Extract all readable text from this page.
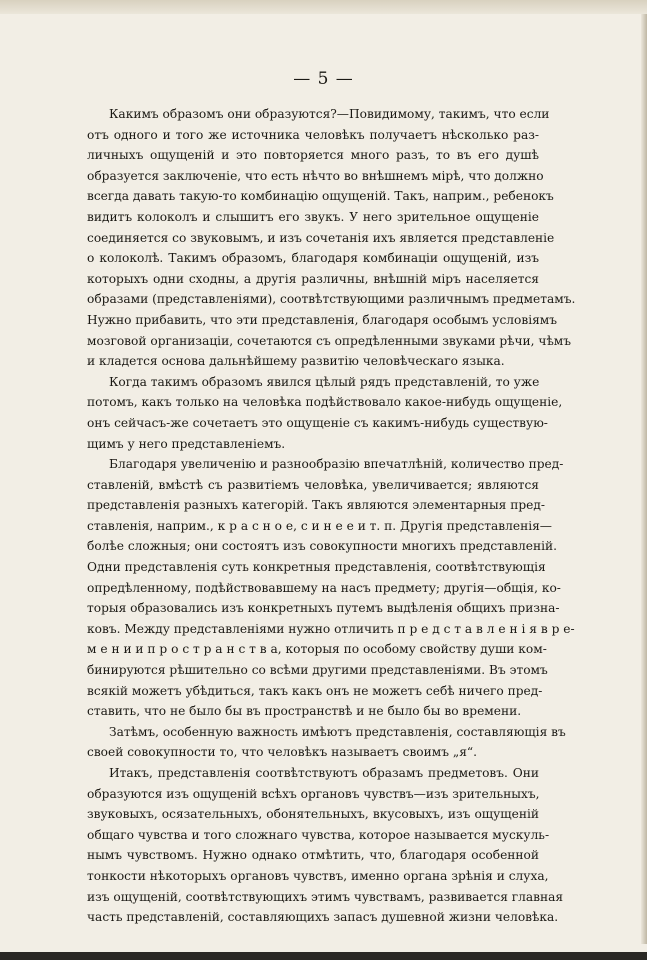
— 5 —
Какимъ образомъ они образуются?—Повидимому, такимъ, что если
отъ одного и того же источника человѣкъ получаетъ нѣсколько раз-
личныхъ ощущеній и это повторяется много разъ, то въ его душѣ
образуется заключеніе, что есть нѣчто во внѣшнемъ мірѣ, что должно
всегда давать такую-то комбинацію ощущеній. Такъ, наприм., ребенокъ
видитъ колоколъ и слышитъ его звукъ. У него зрительное ощущеніе
соединяется со звуковымъ, и изъ сочетанія ихъ является представленіе
о колоколѣ. Такимъ образомъ, благодаря комбинаціи ощущеній, изъ
которыхъ одни сходны, а другія различны, внѣшній міръ населяется
образами (представленіями), соотвѣтствующими различнымъ предметамъ.
Нужно прибавить, что эти представленія, благодаря особымъ условіямъ
мозговой организаціи, сочетаются съ опредѣленными звуками рѣчи, чѣмъ
и кладется основа дальнѣйшему развитію человѣческаго языка.
Когда такимъ образомъ явился цѣлый рядъ представленій, то уже
потомъ, какъ только на человѣка подѣйствовало какое-нибудь ощущеніе,
онъ сейчасъ-же сочетаетъ это ощущеніе съ какимъ-нибудь существую-
щимъ у него представленіемъ.
Благодаря увеличенію и разнообразію впечатлѣній, количество пред-
ставленій, вмѣстѣ съ развитіемъ человѣка, увеличивается; являются
представленія разныхъ категорій. Такъ являются элементарныя пред-
ставленія, наприм., к р а с н о е, с и н е е и т. п. Другія представленія—
болѣе сложныя; они состоятъ изъ совокупности многихъ представленій.
Одни представленія суть конкретныя представленія, соотвѣтствующія
опредѣленному, подѣйствовавшему на насъ предмету; другія—общія, ко-
торыя образовались изъ конкретныхъ путемъ выдѣленія общихъ призна-
ковъ. Между представленіями нужно отличить п р е д с т а в л е н і я в р е-
м е н и и п р о с т р а н с т в а, которыя по особому свойству души ком-
бинируются рѣшительно со всѣми другими представленіями. Въ этомъ
всякій можетъ убѣдиться, такъ какъ онъ не можетъ себѣ ничего пред-
ставить, что не было бы въ пространствѣ и не было бы во времени.
Затѣмъ, особенную важность имѣютъ представленія, составляющія въ
своей совокупности то, что человѣкъ называетъ своимъ „я“.
Итакъ, представленія соотвѣтствуютъ образамъ предметовъ. Они
образуются изъ ощущеній всѣхъ органовъ чувствъ—изъ зрительныхъ,
звуковыхъ, осязательныхъ, обонятельныхъ, вкусовыхъ, изъ ощущеній
общаго чувства и того сложнаго чувства, которое называется мускуль-
нымъ чувствомъ. Нужно однако отмѣтить, что, благодаря особенной
тонкости нѣкоторыхъ органовъ чувствъ, именно органа зрѣнія и слуха,
изъ ощущеній, соотвѣтствующихъ этимъ чувствамъ, развивается главная
часть представленій, составляющихъ запасъ душевной жизни человѣка.
